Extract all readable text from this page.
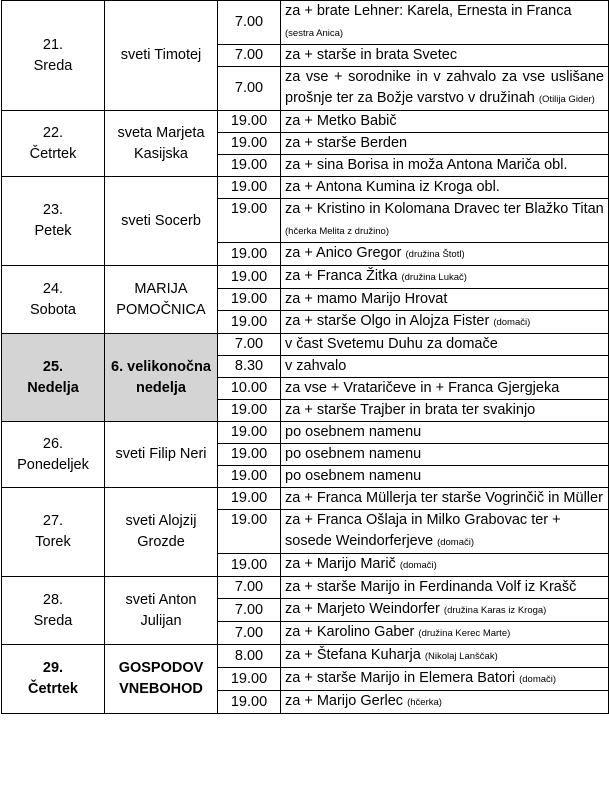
21.
Sreda	sveti Timotej	7.00	za + brate Lehner: Karela, Ernesta in Franca (sestra Anica)
		7.00	za + starše in brata Svetec
		7.00	za vse + sorodnike in v zahvalo za vse uslišane prošnje ter za Božje varstvo v družinah (Otilija Gider)

22.
Četrtek	sveta Marjeta Kasijska	19.00	za + Metko Babič
		19.00	za + starše Berden
		19.00	za + sina Borisa in moža Antona Mariča obl.

23.
Petek	sveti Socerb	19.00	za + Antona Kumina iz Kroga obl.
		19.00	za + Kristino in Kolomana Dravec ter Blažko Titan (hčerka Melita z družino)
		19.00	za + Anico Gregor (družina Štotl)

24.
Sobota	MARIJA POMOČNICA	19.00	za + Franca Žitka (družina Lukač)
		19.00	za + mamo Marijo Hrovat
		19.00	za + starše Olgo in Alojza Fister (domači)

25.
Nedelja	6. velikonočna nedelja	7.00	v čast Svetemu Duhu za domače
		8.30	v zahvalo
		10.00	za vse + Vrataričeve in + Franca Gjergjeka
		19.00	za + starše Trajber in brata ter svakinjo

26.
Ponedeljek	sveti Filip Neri	19.00	po osebnem namenu
		19.00	po osebnem namenu
		19.00	po osebnem namenu

27.
Torek	sveti Alojzij Grozde	19.00	za + Franca Müllerja ter starše Vogrinčič in Müller
		19.00	za + Franca Ošlaja in Milko Grabovac ter + sosede Weindorferjeve (domači)
		19.00	za + Marijo Marič (domači)

28.
Sreda	sveti Anton Julijan	7.00	za + starše Marijo in Ferdinanda Volf iz Krašč
		7.00	za + Marjeto Weindorfer (družina Karas iz Kroga)
		7.00	za + Karolino Gaber (družina Kerec Marte)

29.
Četrtek	GOSPODOV VNEBOHOD	8.00	za + Štefana Kuharja (Nikolaj Lanščak)
		19.00	za + starše Marijo in Elemera Batori (domači)
		19.00	za + Marijo Gerlec (hčerka)
